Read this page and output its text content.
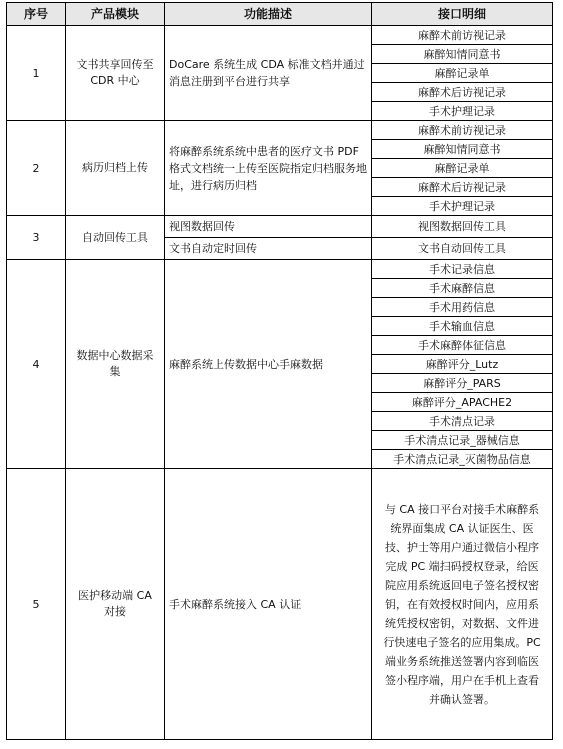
序号	产品模块	功能描述	接口明细
1	文书共享回传至 CDR 中心	DoCare 系统生成 CDA 标准文档并通过消息注册到平台进行共享	麻醉术前访视记录
			麻醉知情同意书
			麻醉记录单
			麻醉术后访视记录
			手术护理记录
2	病历归档上传	将麻醉系统系统中患者的医疗文书 PDF 格式文档统一上传至医院指定归档服务地址，进行病历归档	麻醉术前访视记录
			麻醉知情同意书
			麻醉记录单
			麻醉术后访视记录
			手术护理记录
3	自动回传工具	视图数据回传	视图数据回传工具
		文书自动定时回传	文书自动回传工具
4	数据中心数据采集	麻醉系统上传数据中心手麻数据	手术记录信息
			手术麻醉信息
			手术用药信息
			手术输血信息
			手术麻醉体征信息
			麻醉评分_Lutz
			麻醉评分_PARS
			麻醉评分_APACHE2
			手术清点记录
			手术清点记录_器械信息
			手术清点记录_灭菌物品信息
5	医护移动端 CA 对接	手术麻醉系统接入 CA 认证	与 CA 接口平台对接手术麻醉系统界面集成 CA 认证医生、医技、护士等用户通过微信小程序完成 PC 端扫码授权登录，给医院应用系统返回电子签名授权密钥，在有效授权时间内，应用系统凭授权密钥，对数据、文件进行快速电子签名的应用集成。PC 端业务系统推送签署内容到临医签小程序端，用户在手机上查看并确认签署。
